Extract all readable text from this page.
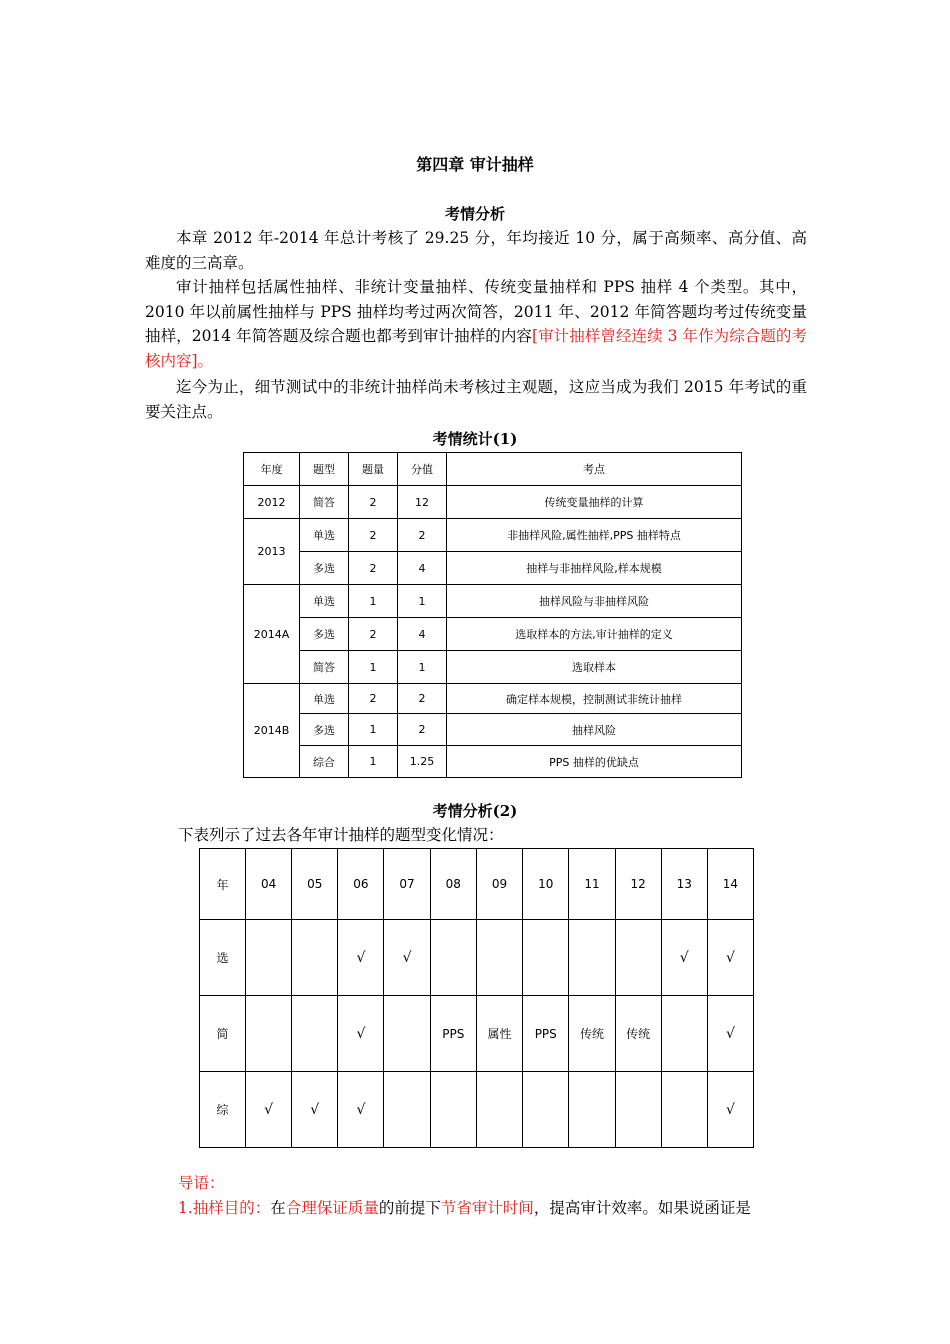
第四章 审计抽样
考情分析
本章 2012 年-2014 年总计考核了 29.25 分，年均接近 10 分，属于高频率、高分值、高难度的三高章。
审计抽样包括属性抽样、非统计变量抽样、传统变量抽样和 PPS 抽样 4 个类型。其中，2010 年以前属性抽样与 PPS 抽样均考过两次简答，2011 年、2012 年简答题均考过传统变量抽样，2014 年简答题及综合题也都考到审计抽样的内容[审计抽样曾经连续 3 年作为综合题的考核内容]。
迄今为止，细节测试中的非统计抽样尚未考核过主观题，这应当成为我们 2015 年考试的重要关注点。
考情统计(1)
年度	题型	题量	分值	考点
2012	简答	2	12	传统变量抽样的计算
2013	单选	2	2	非抽样风险,属性抽样,PPS 抽样特点
	多选	2	4	抽样与非抽样风险,样本规模
2014A	单选	1	1	抽样风险与非抽样风险
	多选	2	4	选取样本的方法,审计抽样的定义
	简答	1	1	选取样本
2014B	单选	2	2	确定样本规模，控制测试非统计抽样
	多选	1	2	抽样风险
	综合	1	1.25	PPS 抽样的优缺点
考情分析(2)
下表列示了过去各年审计抽样的题型变化情况：
年	04	05	06	07	08	09	10	11	12	13	14
选			√	√						√	√
简			√		PPS	属性	PPS	传统	传统		√
综	√	√	√								√
导语：
1.抽样目的：在合理保证质量的前提下节省审计时间，提高审计效率。如果说函证是
